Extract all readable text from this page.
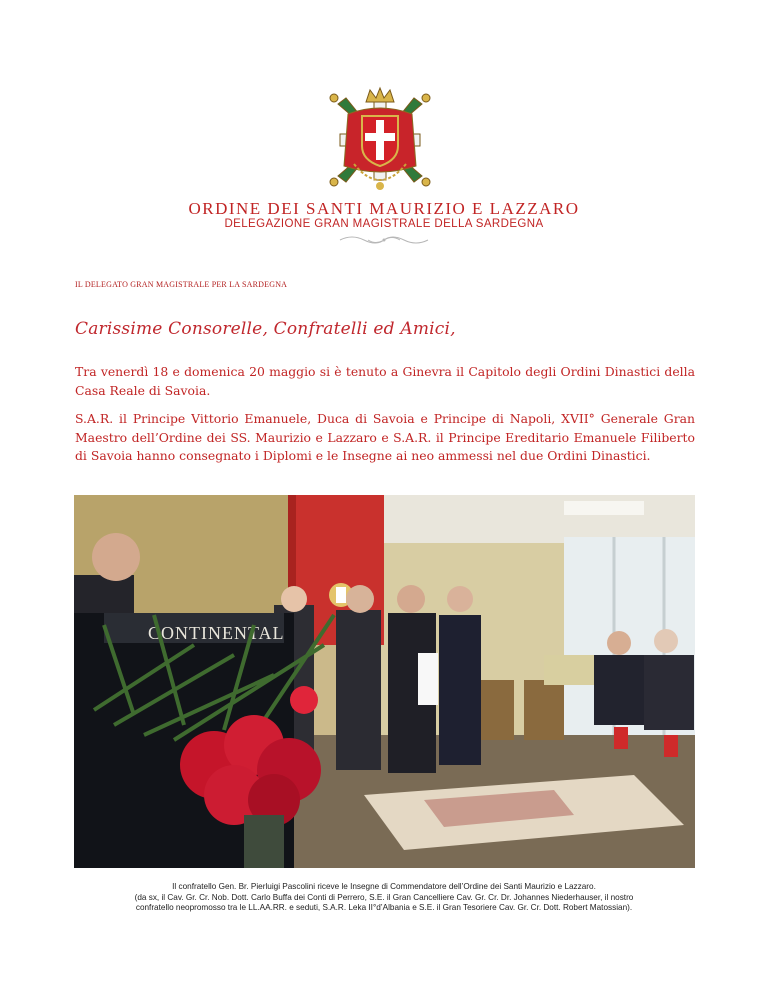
ORDINE DEI SANTI MAURIZIO E LAZZARO
DELEGAZIONE GRAN MAGISTRALE DELLA SARDEGNA
IL DELEGATO GRAN MAGISTRALE PER LA SARDEGNA
Carissime Consorelle, Confratelli ed Amici,
Tra venerdì 18 e domenica 20 maggio si è tenuto a Ginevra il Capitolo degli Ordini Dinastici della Casa Reale di Savoia.
S.A.R. il Principe Vittorio Emanuele, Duca di Savoia e Principe di Napoli, XVII° Generale Gran Maestro dell’Ordine dei SS. Maurizio e Lazzaro e S.A.R. il Principe Ereditario Emanuele Filiberto di Savoia hanno consegnato i Diplomi e le Insegne ai neo ammessi nel due Ordini Dinastici.
CONTINENTAL
Il confratello Gen. Br. Pierluigi Pascolini riceve le Insegne di Commendatore dell’Ordine dei Santi Maurizio e Lazzaro.
(da sx, il Cav. Gr. Cr. Nob. Dott. Carlo Buffa dei Conti di Perrero, S.E. il Gran Cancelliere Cav. Gr. Cr. Dr. Johannes Niederhauser, il nostro
confratello neopromosso tra le LL.AA.RR. e seduti, S.A.R. Leka II°d’Albania e S.E. il Gran Tesoriere Cav. Gr. Cr. Dott. Robert Matossian).
